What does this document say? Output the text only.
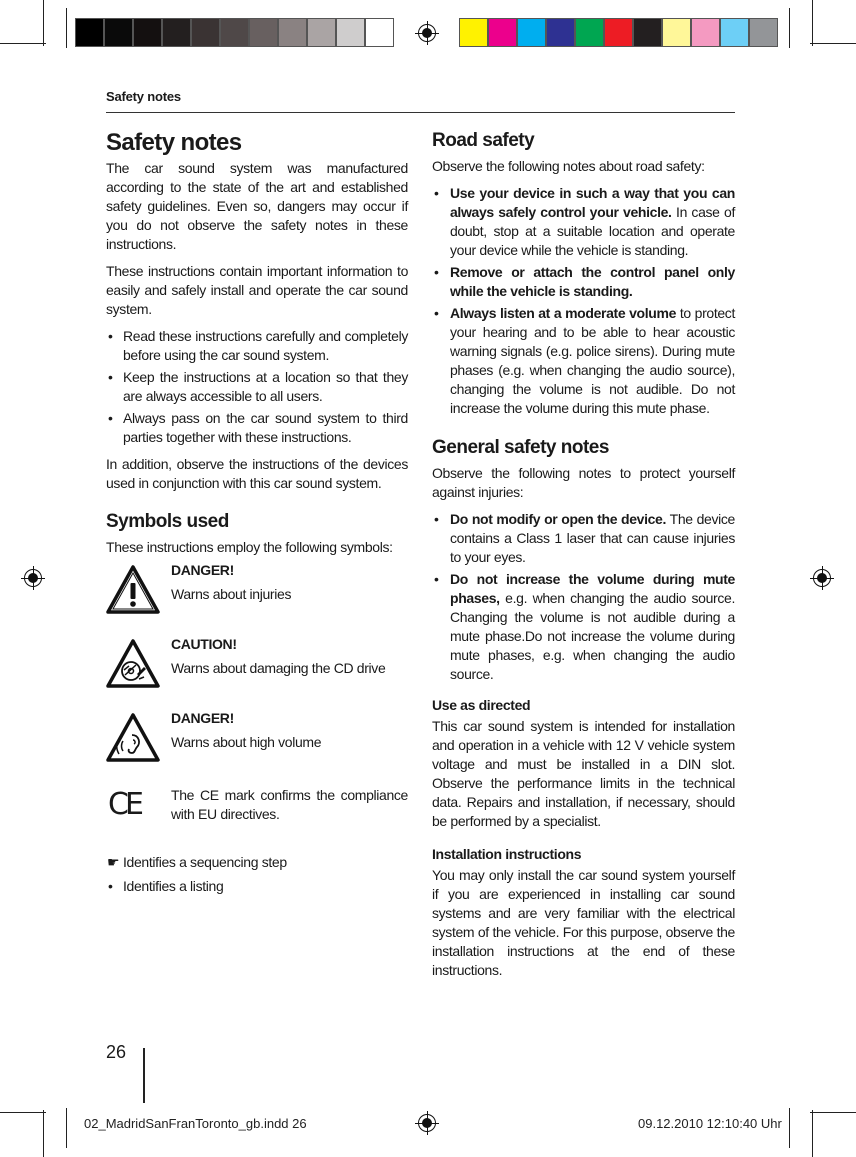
Safety notes
Safety notes

The car sound system was manufactured according to the state of the art and established safety guidelines. Even so, dangers may occur if you do not observe the safety notes in these instructions.

These instructions contain important information to easily and safely install and operate the car sound system.

• Read these instructions carefully and completely before using the car sound system.
• Keep the instructions at a location so that they are always accessible to all users.
• Always pass on the car sound system to third parties together with these instructions.

In addition, observe the instructions of the devices used in conjunction with this car sound system.

Symbols used

These instructions employ the following symbols:

DANGER!
Warns about injuries
CAUTION!
Warns about damaging the CD drive
DANGER!
Warns about high volume
CE	The CE mark confirms the compliance with EU directives.
☛ Identifies a sequencing step
• Identifies a listing
Road safety

Observe the following notes about road safety:

• Use your device in such a way that you can always safely control your vehicle. In case of doubt, stop at a suitable location and operate your device while the vehicle is standing.
• Remove or attach the control panel only while the vehicle is standing.
• Always listen at a moderate volume to protect your hearing and to be able to hear acoustic warning signals (e.g. police sirens). During mute phases (e.g. when changing the audio source), changing the volume is not audible. Do not increase the volume during this mute phase.
General safety notes

Observe the following notes to protect yourself against injuries:

• Do not modify or open the device. The device contains a Class 1 laser that can cause injuries to your eyes.
• Do not increase the volume during mute phases, e.g. when changing the audio source. Changing the volume is not audible during a mute phase.Do not increase the volume during mute phases, e.g. when changing the audio source.
Use as directed

This car sound system is intended for installation and operation in a vehicle with 12 V vehicle system voltage and must be installed in a DIN slot. Observe the performance limits in the technical data. Repairs and installation, if necessary, should be performed by a specialist.

Installation instructions

You may only install the car sound system yourself if you are experienced in installing car sound systems and are very familiar with the electrical system of the vehicle. For this purpose, observe the installation instructions at the end of these instructions.

26
02_MadridSanFranToronto_gb.indd 26	09.12.2010 12:10:40 Uhr
